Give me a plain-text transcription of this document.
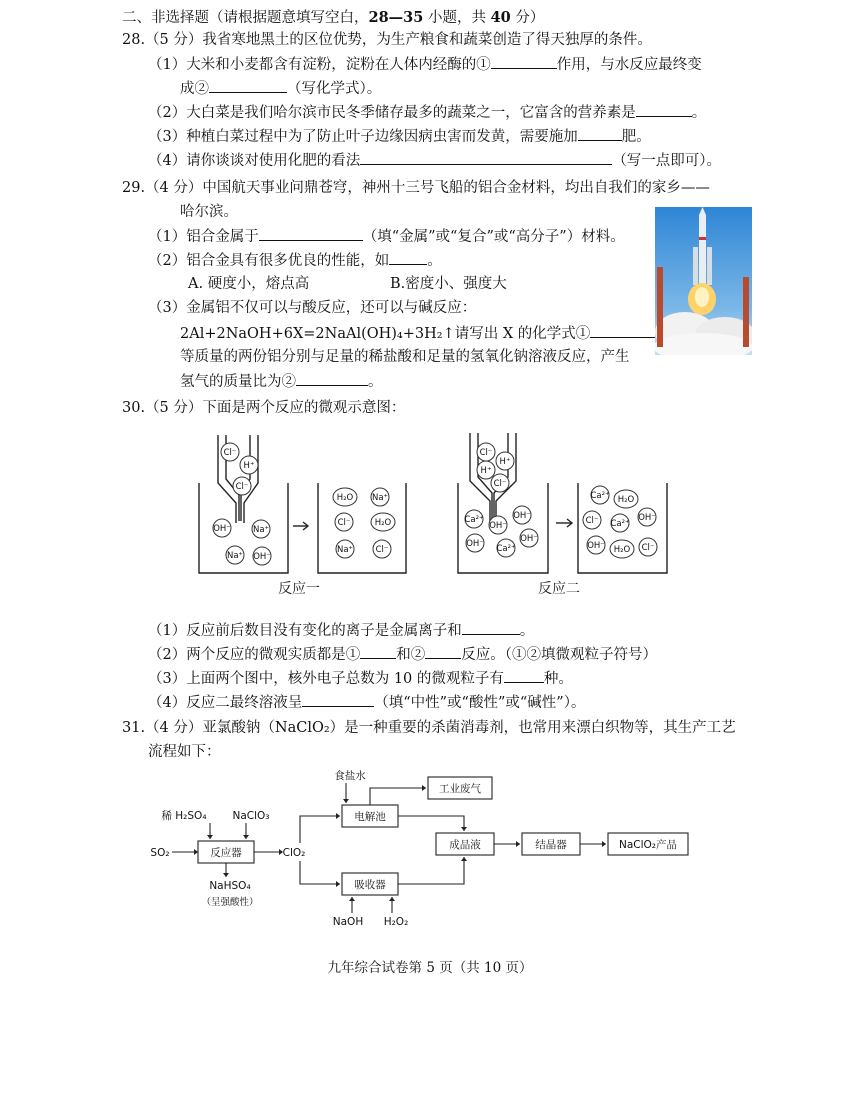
二、非选择题（请根据题意填写空白，28—35 小题，共 40 分）
28.（5 分）我省寒地黑土的区位优势，为生产粮食和蔬菜创造了得天独厚的条件。
（1）大米和小麦都含有淀粉，淀粉在人体内经酶的①	作用，与水反应最终变
成②	（写化学式）。
（2）大白菜是我们哈尔滨市民冬季储存最多的蔬菜之一，它富含的营养素是	。
（3）种植白菜过程中为了防止叶子边缘因病虫害而发黄，需要施加	肥。
（4）请你谈谈对使用化肥的看法	（写一点即可）。
29.（4 分）中国航天事业问鼎苍穹，神州十三号飞船的铝合金材料，均出自我们的家乡——
哈尔滨。
（1）铝合金属于	（填“金属”或“复合”或“高分子”）材料。
（2）铝合金具有很多优良的性能，如	。
A. 硬度小，熔点高	B.密度小、强度大
（3）金属铝不仅可以与酸反应，还可以与碱反应：
2Al+2NaOH+6X=2NaAl(OH)₄+3H₂↑请写出 X 的化学式①
等质量的两份铝分别与足量的稀盐酸和足量的氢氧化钠溶液反应，产生
氢气的质量比为②	。
30.（5 分）下面是两个反应的微观示意图：
Cl⁻
H⁺
Cl⁻
OH⁻	Na⁺
Na⁺ OH⁻
H₂O Na⁺
Cl⁻	H₂O
Na⁺	Cl⁻
Cl⁻
H⁺
H⁺
Cl⁻
Ca²⁺
OH⁻
OH⁻
OH⁻ Ca²⁺
OH⁻
Ca²⁺ H₂O
Cl⁻ Ca²⁺
OH⁻
OH⁻ H₂O Cl⁻
反应一	反应二
（1）反应前后数目没有变化的离子是金属离子和	。
（2）两个反应的微观实质都是① 和② 反应。（①②填微观粒子符号）
（3）上面两个图中，核外电子总数为 10 的微观粒子有	种。
（4）反应二最终溶液呈	（填“中性”或“酸性”或“碱性”）。
31.（4 分）亚氯酸钠（NaClO₂）是一种重要的杀菌消毒剂，也常用来漂白织物等，其生产工艺
流程如下：
稀 H₂SO₄ NaClO₃
SO₂	反应器	ClO₂
NaHSO₄
（呈强酸性）
食盐水
电解池
工业废气
吸收器
成品液	结晶器	NaClO₂产品
NaOH H₂O₂
九年综合试卷第 5 页（共 10 页）
